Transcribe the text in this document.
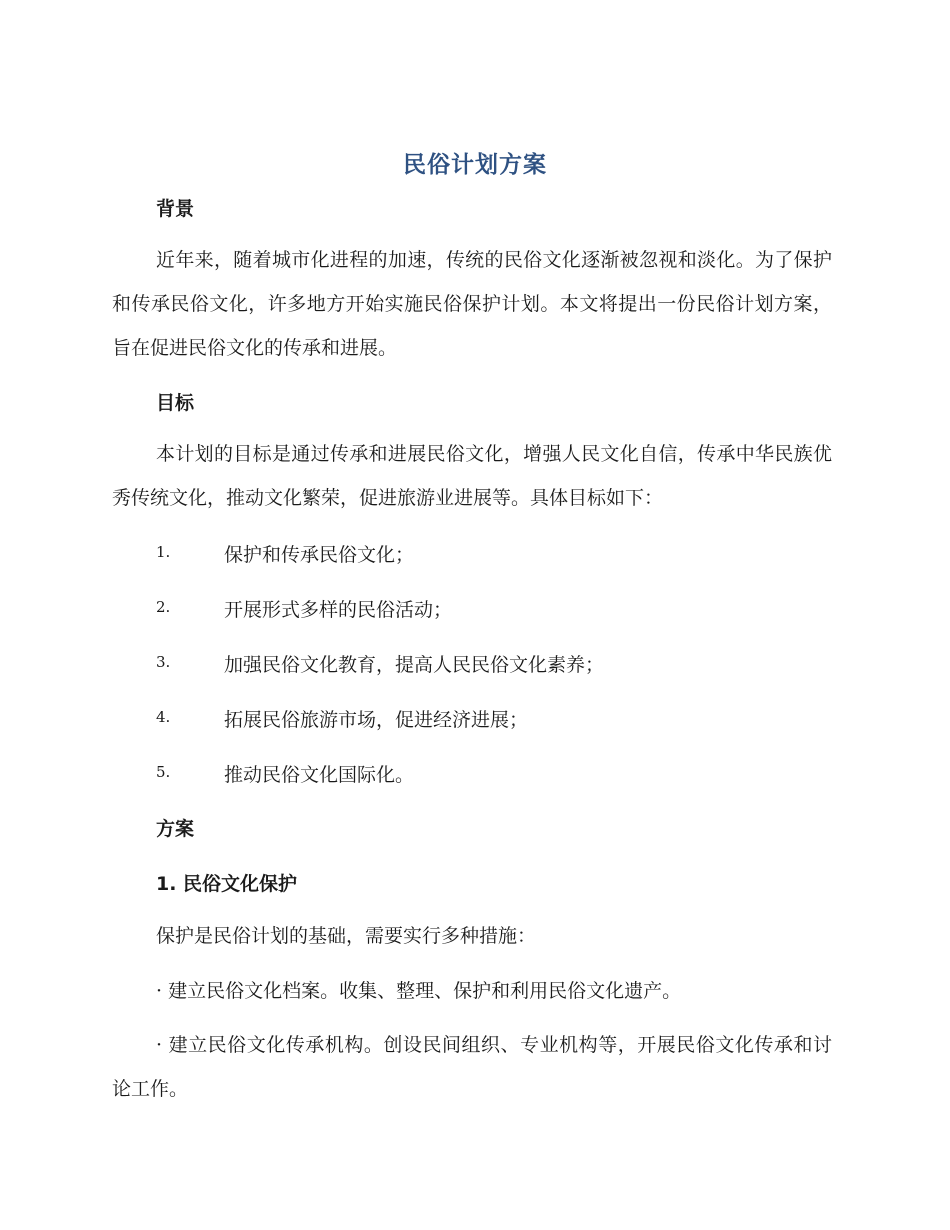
民俗计划方案
背景

近年来，随着城市化进程的加速，传统的民俗文化逐渐被忽视和淡化。为了保护和传承民俗文化，许多地方开始实施民俗保护计划。本文将提出一份民俗计划方案，旨在促进民俗文化的传承和进展。

目标

本计划的目标是通过传承和进展民俗文化，增强人民文化自信，传承中华民族优秀传统文化，推动文化繁荣，促进旅游业进展等。具体目标如下：

1.	保护和传承民俗文化；
2.	开展形式多样的民俗活动；
3.	加强民俗文化教育，提高人民民俗文化素养；
4.	拓展民俗旅游市场，促进经济进展；
5.	推动民俗文化国际化。
方案
1. 民俗文化保护

保护是民俗计划的基础，需要实行多种措施：

· 建立民俗文化档案。收集、整理、保护和利用民俗文化遗产。

· 建立民俗文化传承机构。创设民间组织、专业机构等，开展民俗文化传承和讨论工作。
